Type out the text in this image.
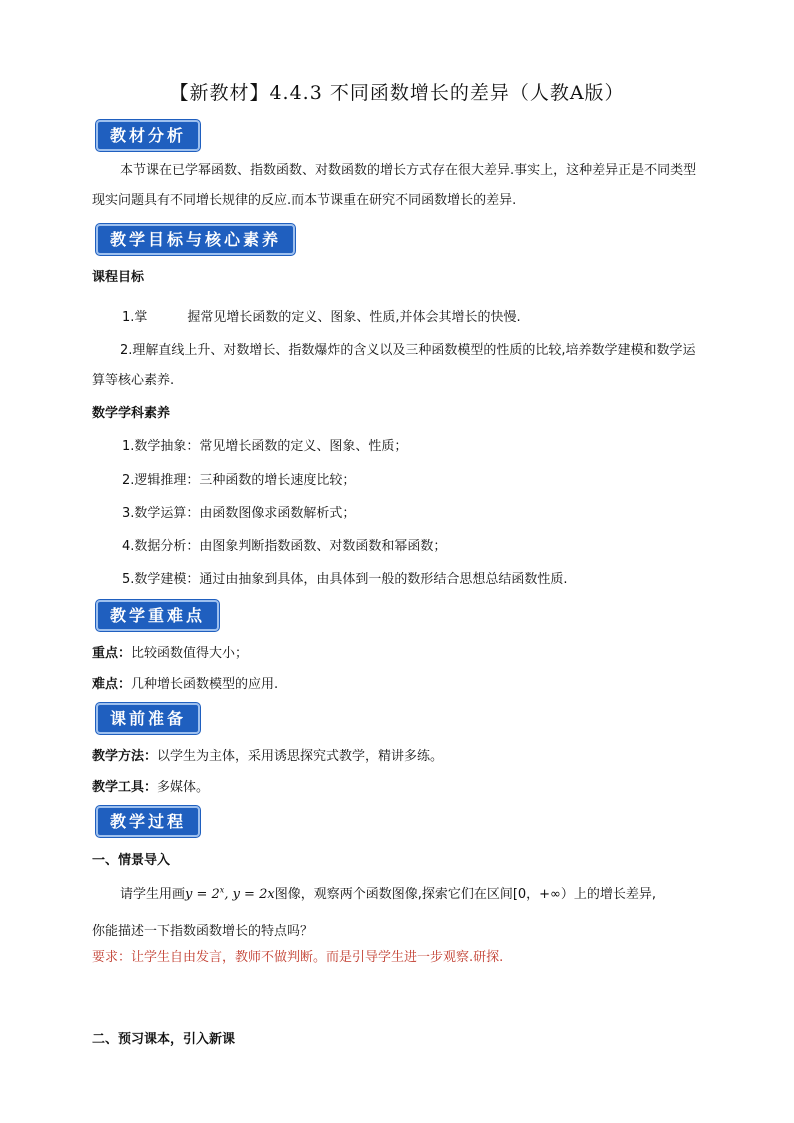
【新教材】4.4.3 不同函数增长的差异（人教A版）
教材分析
本节课在已学幂函数、指数函数、对数函数的增长方式存在很大差异.事实上，这种差异正是不同类型现实问题具有不同增长规律的反应.而本节课重在研究不同函数增长的差异.
教学目标与核心素养
课程目标
1.掌	握常见增长函数的定义、图象、性质,并体会其增长的快慢.
2.理解直线上升、对数增长、指数爆炸的含义以及三种函数模型的性质的比较,培养数学建模和数学运算等核心素养.
数学学科素养
1.数学抽象：常见增长函数的定义、图象、性质；
2.逻辑推理：三种函数的增长速度比较；
3.数学运算：由函数图像求函数解析式；
4.数据分析：由图象判断指数函数、对数函数和幂函数；
5.数学建模：通过由抽象到具体，由具体到一般的数形结合思想总结函数性质.
教学重难点
重点：比较函数值得大小；
难点：几种增长函数模型的应用.
课前准备
教学方法：以学生为主体，采用诱思探究式教学，精讲多练。
教学工具：多媒体。
教学过程
一、情景导入
请学生用画$y = 2^x$, y = 2x图像，观察两个函数图像,探索它们在区间[0，+∞）上的增长差异,
你能描述一下指数函数增长的特点吗？
要求：让学生自由发言，教师不做判断。而是引导学生进一步观察.研探.
二、预习课本，引入新课
